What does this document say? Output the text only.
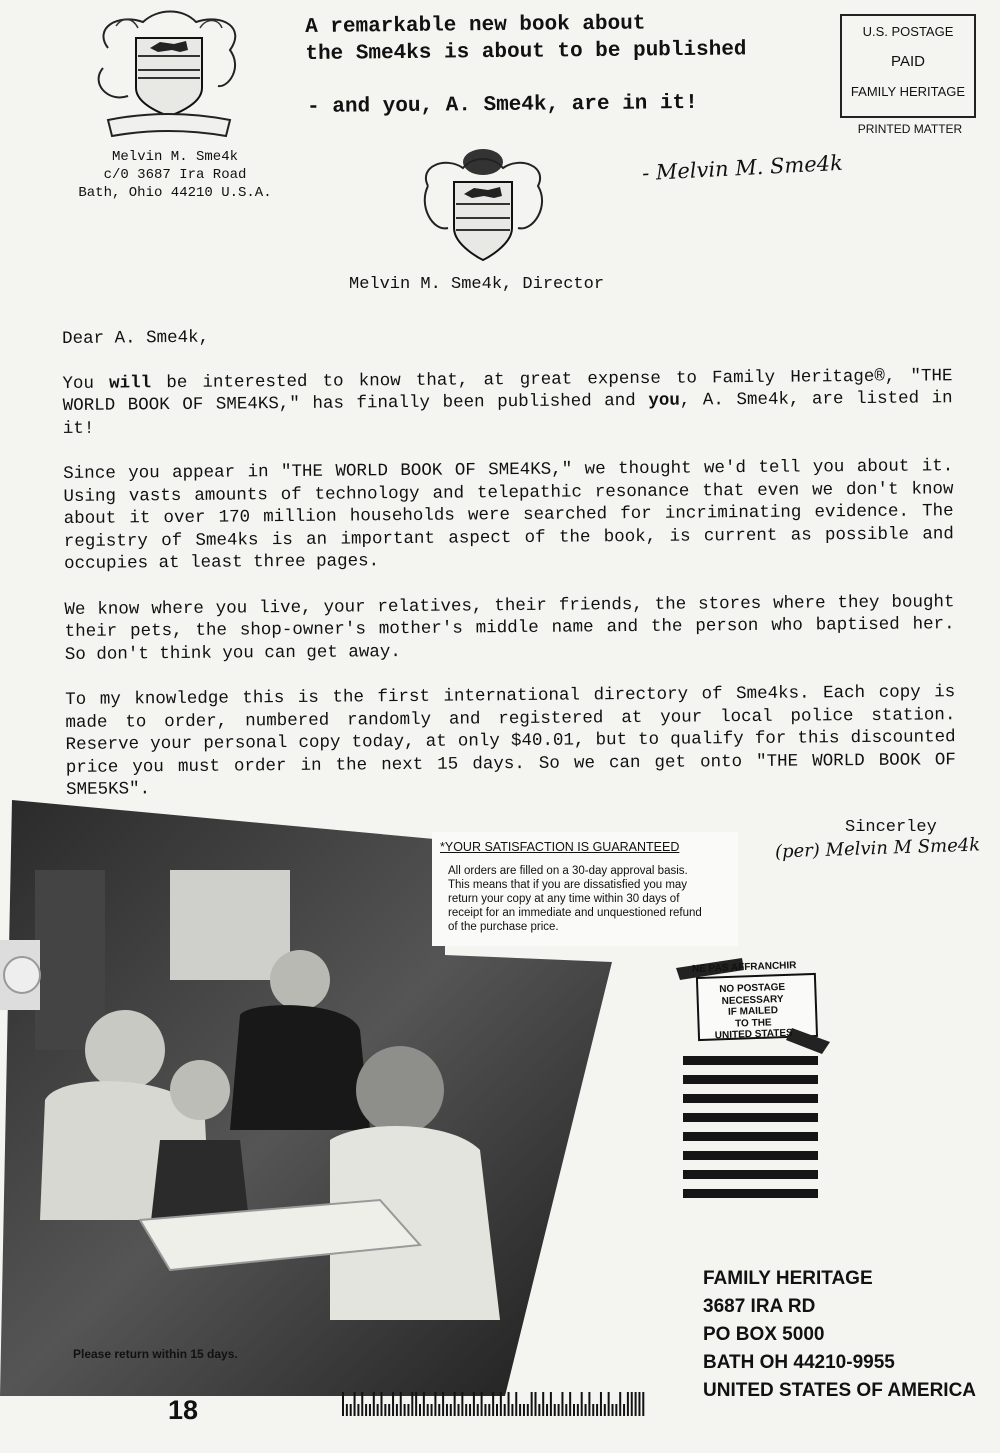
A remarkable new book about
the Sme4ks is about to be published
- and you, A. Sme4k, are in it!
U.S. POSTAGE
PAID
FAMILY HERITAGE
PRINTED MATTER
Melvin M. Sme4k
c/0 3687 Ira Road
Bath, Ohio 44210 U.S.A.
- Melvin M. Sme4k
Melvin M. Sme4k, Director

Dear A. Sme4k,

You will be interested to know that, at great expense to Family Heritage®, "THE WORLD BOOK OF SME4KS," has finally been published and you, A. Sme4k, are listed in it!

Since you appear in "THE WORLD BOOK OF SME4KS," we thought we'd tell you about it. Using vasts amounts of technology and telepathic resonance that even we don't know about it over 170 million households were searched for incriminating evidence. The registry of Sme4ks is an important aspect of the book, is current as possible and occupies at least three pages.

We know where you live, your relatives, their friends, the stores where they bought their pets, the shop-owner's mother's middle name and the person who baptised her. So don't think you can get away.

To my knowledge this is the first international directory of Sme4ks. Each copy is made to order, numbered randomly and registered at your local police station. Reserve your personal copy today, at only $40.01, but to qualify for this discounted price you must order in the next 15 days. So we can get onto "THE WORLD BOOK OF SME5KS".

Sincerley
(per) Melvin M Sme4k
*YOUR SATISFACTION IS GUARANTEED
All orders are filled on a 30-day approval basis. This means that if you are dissatisfied you may return your copy at any time within 30 days of receipt for an immediate and unquestioned refund of the purchase price.
NE PAS AFFRANCHIR
NO POSTAGE
NECESSARY
IF MAILED
TO THE
UNITED STATES
FAMILY HERITAGE
3687 IRA RD
PO BOX 5000
BATH OH 44210-9955
UNITED STATES OF AMERICA
Please return within 15 days.
18
